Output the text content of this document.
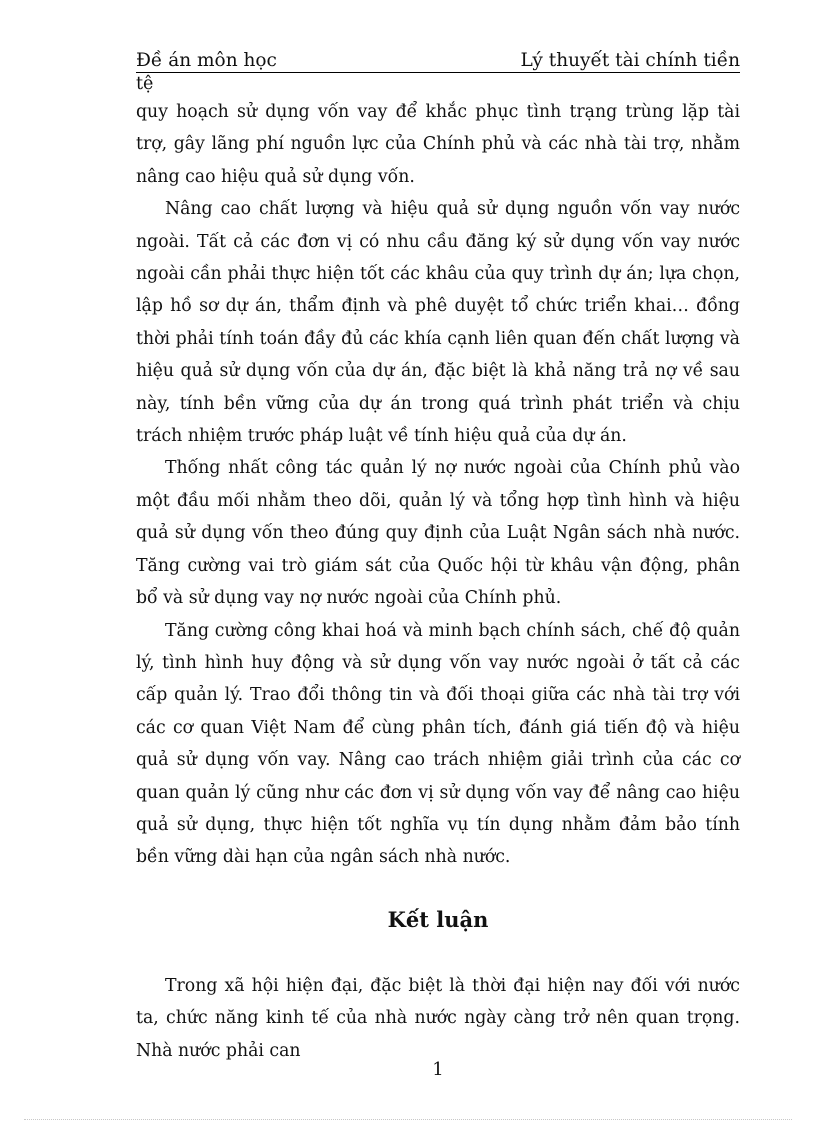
Đề án môn học	Lý thuyết tài chính tiền
tệ

quy hoạch sử dụng vốn vay để khắc phục tình trạng trùng lặp tài trợ, gây lãng phí nguồn lực của Chính phủ và các nhà tài trợ, nhằm nâng cao hiệu quả sử dụng vốn.

Nâng cao chất lượng và hiệu quả sử dụng nguồn vốn vay nước ngoài. Tất cả các đơn vị có nhu cầu đăng ký sử dụng vốn vay nước ngoài cần phải thực hiện tốt các khâu của quy trình dự án; lựa chọn, lập hồ sơ dự án, thẩm định và phê duyệt tổ chức triển khai… đồng thời phải tính toán đầy đủ các khía cạnh liên quan đến chất lượng và hiệu quả sử dụng vốn của dự án, đặc biệt là khả năng trả nợ về sau này, tính bền vững của dự án trong quá trình phát triển và chịu trách nhiệm trước pháp luật về tính hiệu quả của dự án.

Thống nhất công tác quản lý nợ nước ngoài của Chính phủ vào một đầu mối nhằm theo dõi, quản lý và tổng hợp tình hình và hiệu quả sử dụng vốn theo đúng quy định của Luật Ngân sách nhà nước. Tăng cường vai trò giám sát của Quốc hội từ khâu vận động, phân bổ và sử dụng vay nợ nước ngoài của Chính phủ.

Tăng cường công khai hoá và minh bạch chính sách, chế độ quản lý, tình hình huy động và sử dụng vốn vay nước ngoài ở tất cả các cấp quản lý. Trao đổi thông tin và đối thoại giữa các nhà tài trợ với các cơ quan Việt Nam để cùng phân tích, đánh giá tiến độ và hiệu quả sử dụng vốn vay. Nâng cao trách nhiệm giải trình của các cơ quan quản lý cũng như các đơn vị sử dụng vốn vay để nâng cao hiệu quả sử dụng, thực hiện tốt nghĩa vụ tín dụng nhằm đảm bảo tính bền vững dài hạn của ngân sách nhà nước.

Kết luận

Trong xã hội hiện đại, đặc biệt là thời đại hiện nay đối với nước ta, chức năng kinh tế của nhà nước ngày càng trở nên quan trọng. Nhà nước phải can

1
